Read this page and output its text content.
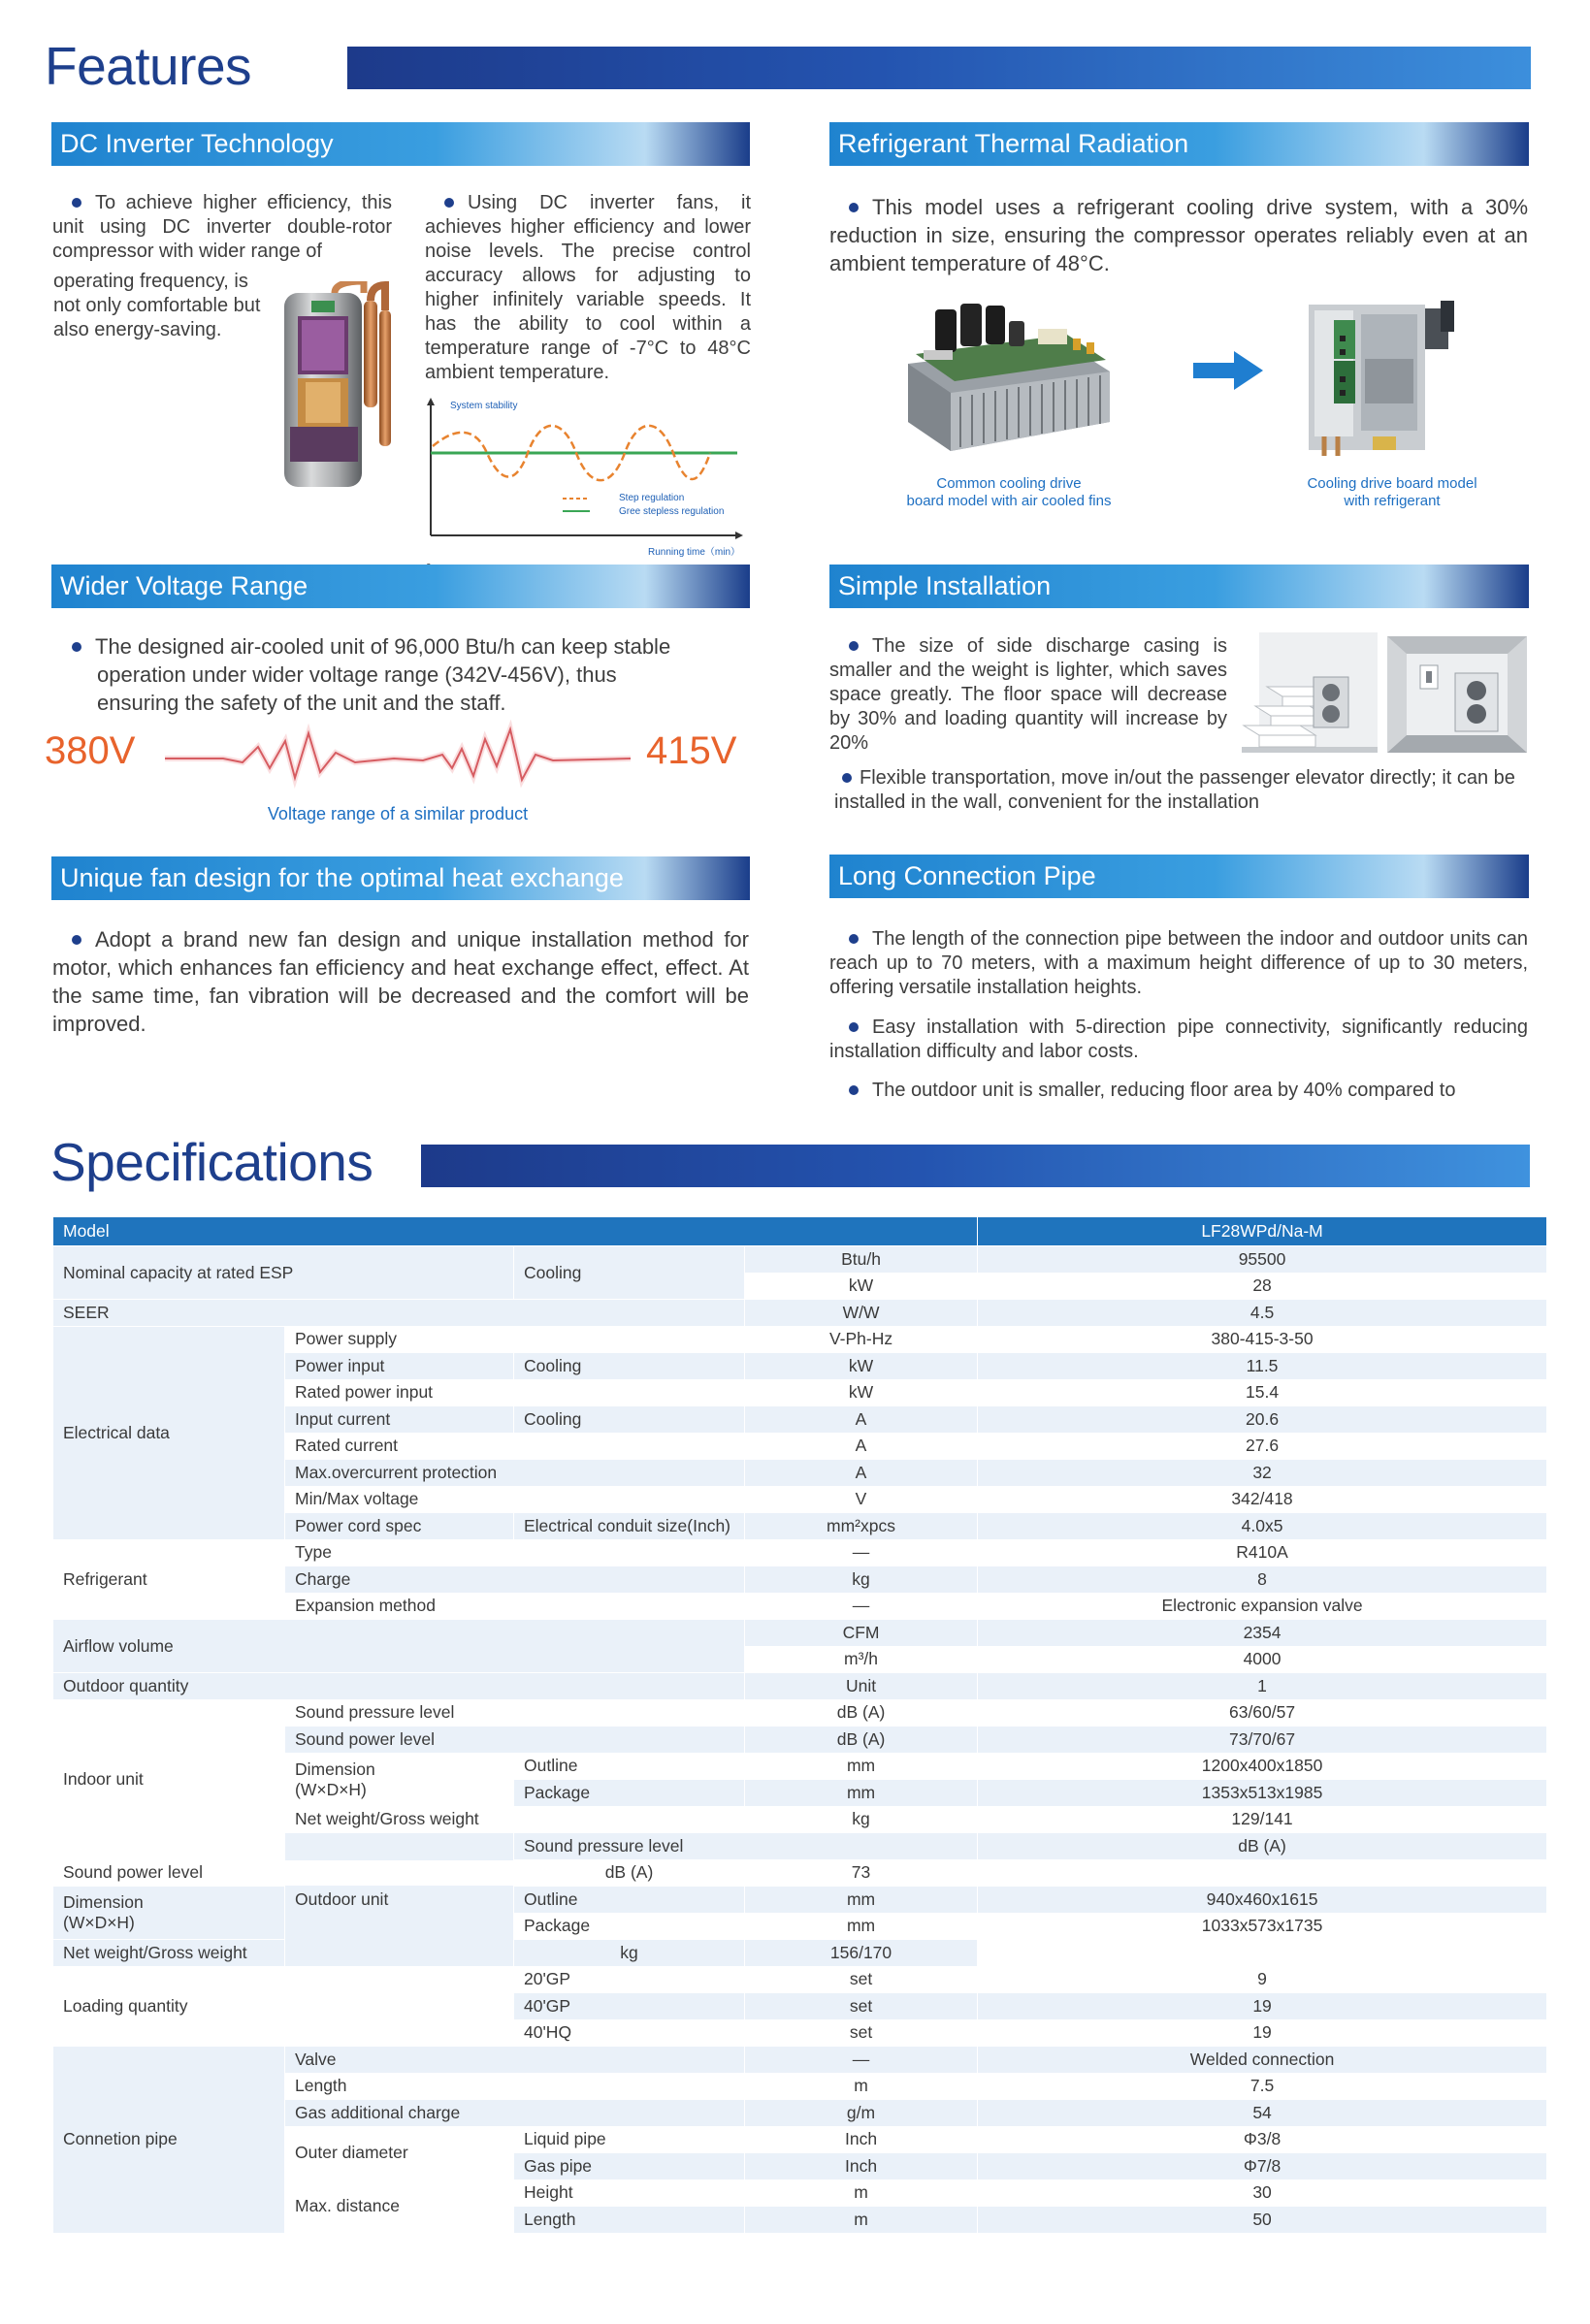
Features
DC Inverter Technology
To achieve higher efficiency, this unit using DC inverter double-rotor compressor with wider range of
operating frequency, is not only comfortable but also energy-saving.
Using DC inverter fans, it achieves higher efficiency and lower noise levels. The precise control accuracy allows for adjusting to higher infinitely variable speeds. It has the ability to cool within a temperature range of -7°C to 48°C ambient temperature.
System stability
Step regulation
Gree stepless regulation
Running time（min）
Refrigerant Thermal Radiation
This model uses a refrigerant cooling drive system, with a 30% reduction in size, ensuring the compressor operates reliably even at an ambient temperature of 48°C.
Common cooling drive
board model with air cooled fins
Cooling drive board model
with refrigerant
Wider Voltage Range
The designed air-cooled unit of 96,000 Btu/h can keep stable
operation under wider voltage range (342V-456V), thus
ensuring the safety of the unit and the staff.
380V	415V
Voltage range of a similar product
Simple Installation
The size of side discharge casing is smaller and the weight is lighter, which saves space greatly. The floor space will decrease by 30% and loading quantity will increase by 20%
Flexible transportation, move in/out the passenger elevator directly; it can be installed in the wall, convenient for the installation
Unique fan design for the optimal heat exchange
Adopt a brand new fan design and unique installation method for motor, which enhances fan efficiency and heat exchange effect, effect. At the same time, fan vibration will be decreased and the comfort will be improved.
Long Connection Pipe
The length of the connection pipe between the indoor and outdoor units can reach up to 70 meters, with a maximum height difference of up to 30 meters, offering versatile installation heights.
Easy installation with 5-direction pipe connectivity, significantly reducing installation difficulty and labor costs.
The outdoor unit is smaller, reducing floor area by 40% compared to
Specifications
Model				LF28WPd/Na-M	
Nominal capacity at rated ESP		Cooling	Btu/h	95500	
			kW	28	
SEER			W/W	4.5	
Electrical data	Power supply		V-Ph-Hz	380-415-3-50	
	Power input	Cooling	kW	11.5	
	Rated power input		kW	15.4	
	Input current	Cooling	A	20.6	
	Rated current		A	27.6	
	Max.overcurrent protection		A	32	
	Min/Max voltage		V	342/418	
	Power cord spec	Electrical conduit size(Inch)	mm²xpcs	4.0x5	
Refrigerant	Type		—	R410A	
	Charge		kg	8	
	Expansion method		—	Electronic expansion valve	
Airflow volume			CFM	2354	
			m³/h	4000	
Outdoor quantity			Unit	1	
Indoor unit	Sound pressure level		dB (A)	63/60/57	
	Sound power level		dB (A)	73/70/67	

	Dimension
(W×D×H)	Outline	mm	1200x400x1850	
		Package	mm	1353x513x1985	
	Net weight/Gross weight		kg	129/141	
	Outdoor unit	Sound pressure level		dB (A)	
Sound power level		dB (A)	73		

Dimension
(W×D×H)		Outline	mm	940x460x1615	
		Package	mm	1033x573x1735	
Net weight/Gross weight		kg	156/170		
Loading quantity		20'GP	set	9	
		40'GP	set	19	
		40'HQ	set	19	
Connetion pipe	Valve		—	Welded connection	
	Length		m	7.5	
	Gas additional charge		g/m	54	
	Outer diameter	Liquid pipe	Inch	Φ3/8	
		Gas pipe	Inch	Φ7/8	
	Max. distance	Height	m	30	
		Length	m	50	
